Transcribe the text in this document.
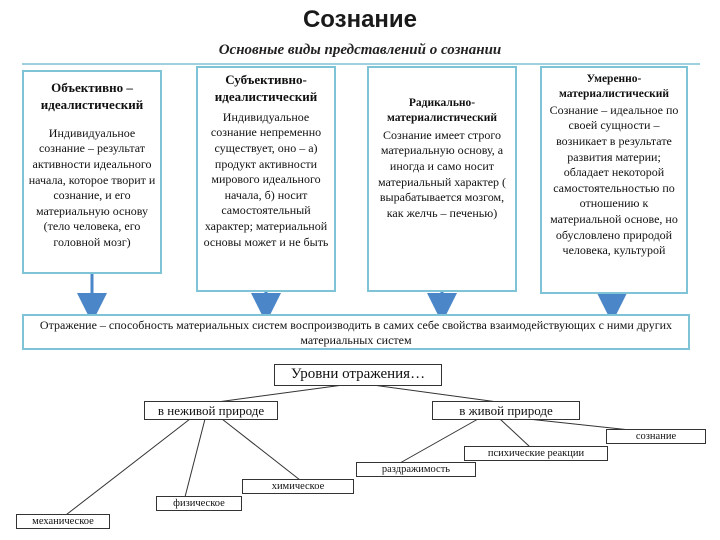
Сознание
Основные виды представлений о сознании
Объективно – идеалистический
Индивидуальное сознание – результат активности идеального начала, которое творит и сознание, и его материальную основу (тело человека, его головной мозг)
Субъективно-идеалистический
Индивидуальное сознание непременно существует, оно – а) продукт активности мирового идеального начала, б) носит самостоятельный характер; материальной основы может и не быть
Радикально-материалистический
Сознание имеет строго материальную основу, а иногда и само носит материальный характер ( вырабатывается мозгом, как желчь – печенью)
Умеренно-материалистический
Сознание – идеальное по своей сущности – возникает в результате развития материи; обладает некоторой самостоятельностью по отношению к материальной основе, но обусловлено природой человека, культурой
Отражение – способность материальных систем воспроизводить в самих себе свойства взаимодействующих с ними других материальных систем
Уровни отражения…
в неживой природе	в живой природе
механическое
физическое
химическое
раздражимость
психические реакции
сознание
